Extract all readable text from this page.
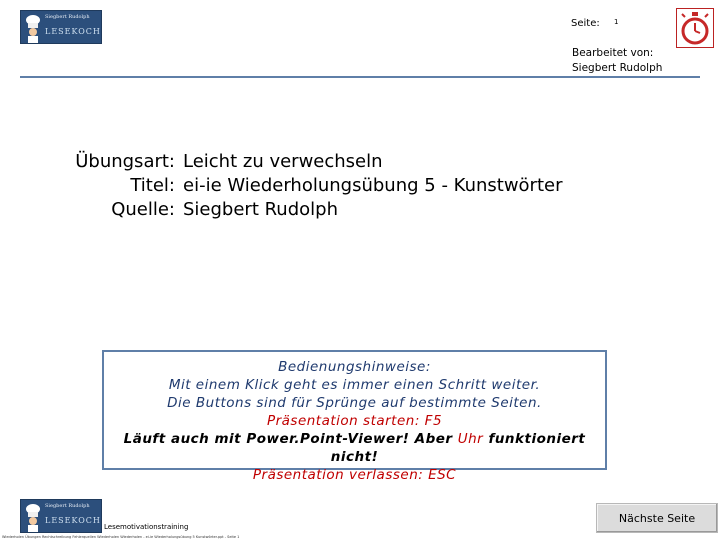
Siegbert Rudolph
LESEKOCH
Seite: 1
Bearbeitet von:
Siegbert Rudolph
Übungsart: Leicht zu verwechseln
Titel: ei-ie Wiederholungsübung 5 - Kunstwörter
Quelle: Siegbert Rudolph
Bedienungshinweise:
Mit einem Klick geht es immer einen Schritt weiter.
Die Buttons sind für Sprünge auf bestimmte Seiten.
Präsentation starten: F5
Läuft auch mit Power.Point-Viewer! Aber Uhr funktioniert nicht!
Präsentation verlassen: ESC
Siegbert Rudolph
LESEKOCH
Lesemotivationstraining
Wiederholen Übungen Rechtschreibung Fehlerquellen Wiederholen Wiederholen - ei-ie Wiederholungsübung 5 Kunstwörter.ppt - Seite 1
Nächste Seite
